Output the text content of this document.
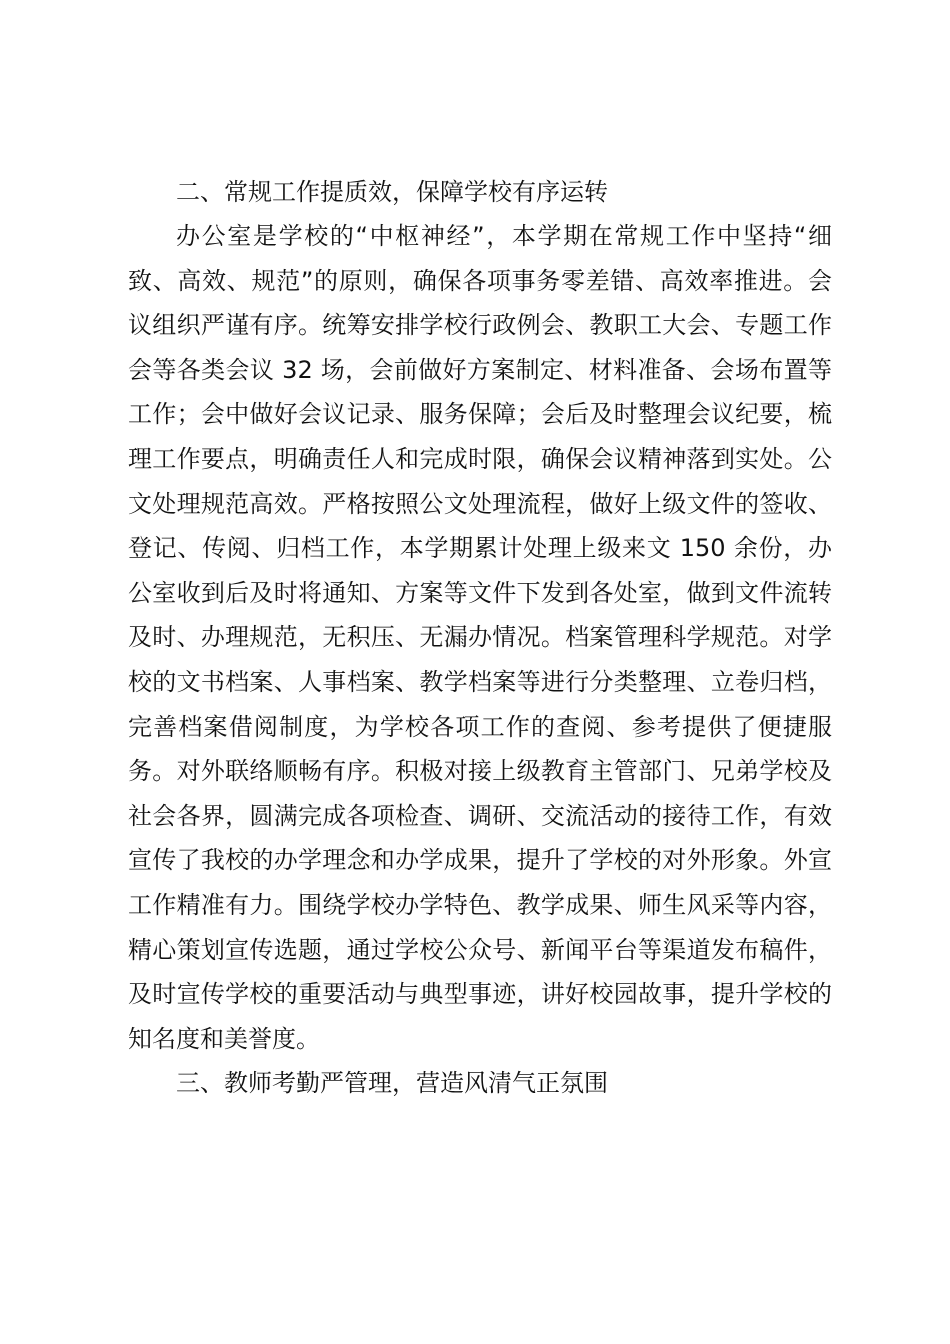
二、常规工作提质效，保障学校有序运转

办公室是学校的“中枢神经”，本学期在常规工作中坚持“细致、高效、规范”的原则，确保各项事务零差错、高效率推进。会议组织严谨有序。统筹安排学校行政例会、教职工大会、专题工作会等各类会议 32 场，会前做好方案制定、材料准备、会场布置等工作；会中做好会议记录、服务保障；会后及时整理会议纪要，梳理工作要点，明确责任人和完成时限，确保会议精神落到实处。公文处理规范高效。严格按照公文处理流程，做好上级文件的签收、登记、传阅、归档工作，本学期累计处理上级来文 150 余份，办公室收到后及时将通知、方案等文件下发到各处室，做到文件流转及时、办理规范，无积压、无漏办情况。档案管理科学规范。对学校的文书档案、人事档案、教学档案等进行分类整理、立卷归档，完善档案借阅制度，为学校各项工作的查阅、参考提供了便捷服务。对外联络顺畅有序。积极对接上级教育主管部门、兄弟学校及社会各界，圆满完成各项检查、调研、交流活动的接待工作，有效宣传了我校的办学理念和办学成果，提升了学校的对外形象。外宣工作精准有力。围绕学校办学特色、教学成果、师生风采等内容，精心策划宣传选题，通过学校公众号、新闻平台等渠道发布稿件，及时宣传学校的重要活动与典型事迹，讲好校园故事，提升学校的知名度和美誉度。

三、教师考勤严管理，营造风清气正氛围
